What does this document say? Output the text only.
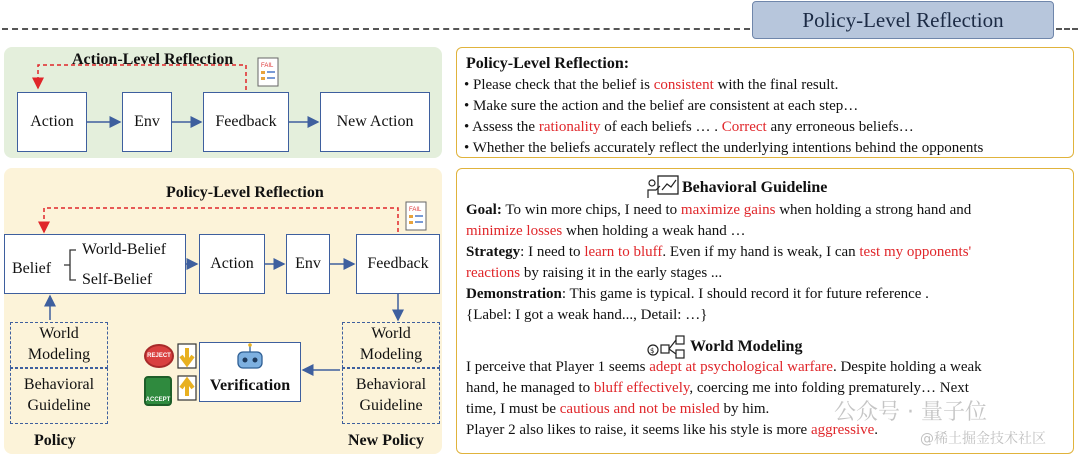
Policy-Level Reflection
Action-Level Reflection
Action	Env	Feedback	New Action
Policy-Level Reflection
Belief
World-Belief
Self-Belief
Action	Env	Feedback
World Modeling
Behavioral Guideline
Policy
World Modeling
Behavioral Guideline
New Policy
Verification
REJECT
ACCEPT
Policy-Level Reflection:
• Please check that the belief is consistent with the final result.
• Make sure the action and the belief are consistent at each step…
• Assess the rationality of each beliefs … . Correct any erroneous beliefs…
• Whether the beliefs accurately reflect the underlying intentions behind the opponents
Behavioral Guideline
Goal: To win more chips, I need to maximize gains when holding a strong hand and
minimize losses when holding a weak hand …
Strategy: I need to learn to bluff. Even if my hand is weak, I can test my opponents'
reactions by raising it in the early stages ...
Demonstration: This game is typical. I should record it for future reference .
{Label: I got a weak hand..., Detail: …}
World Modeling
I perceive that Player 1 seems adept at psychological warfare. Despite holding a weak
hand, he managed to bluff effectively, coercing me into folding prematurely… Next
time, I must be cautious and not be misled by him.
Player 2 also likes to raise, it seems like his style is more aggressive.
公众号 · 量子位
@稀土掘金技术社区
FAIL
FAIL
$
